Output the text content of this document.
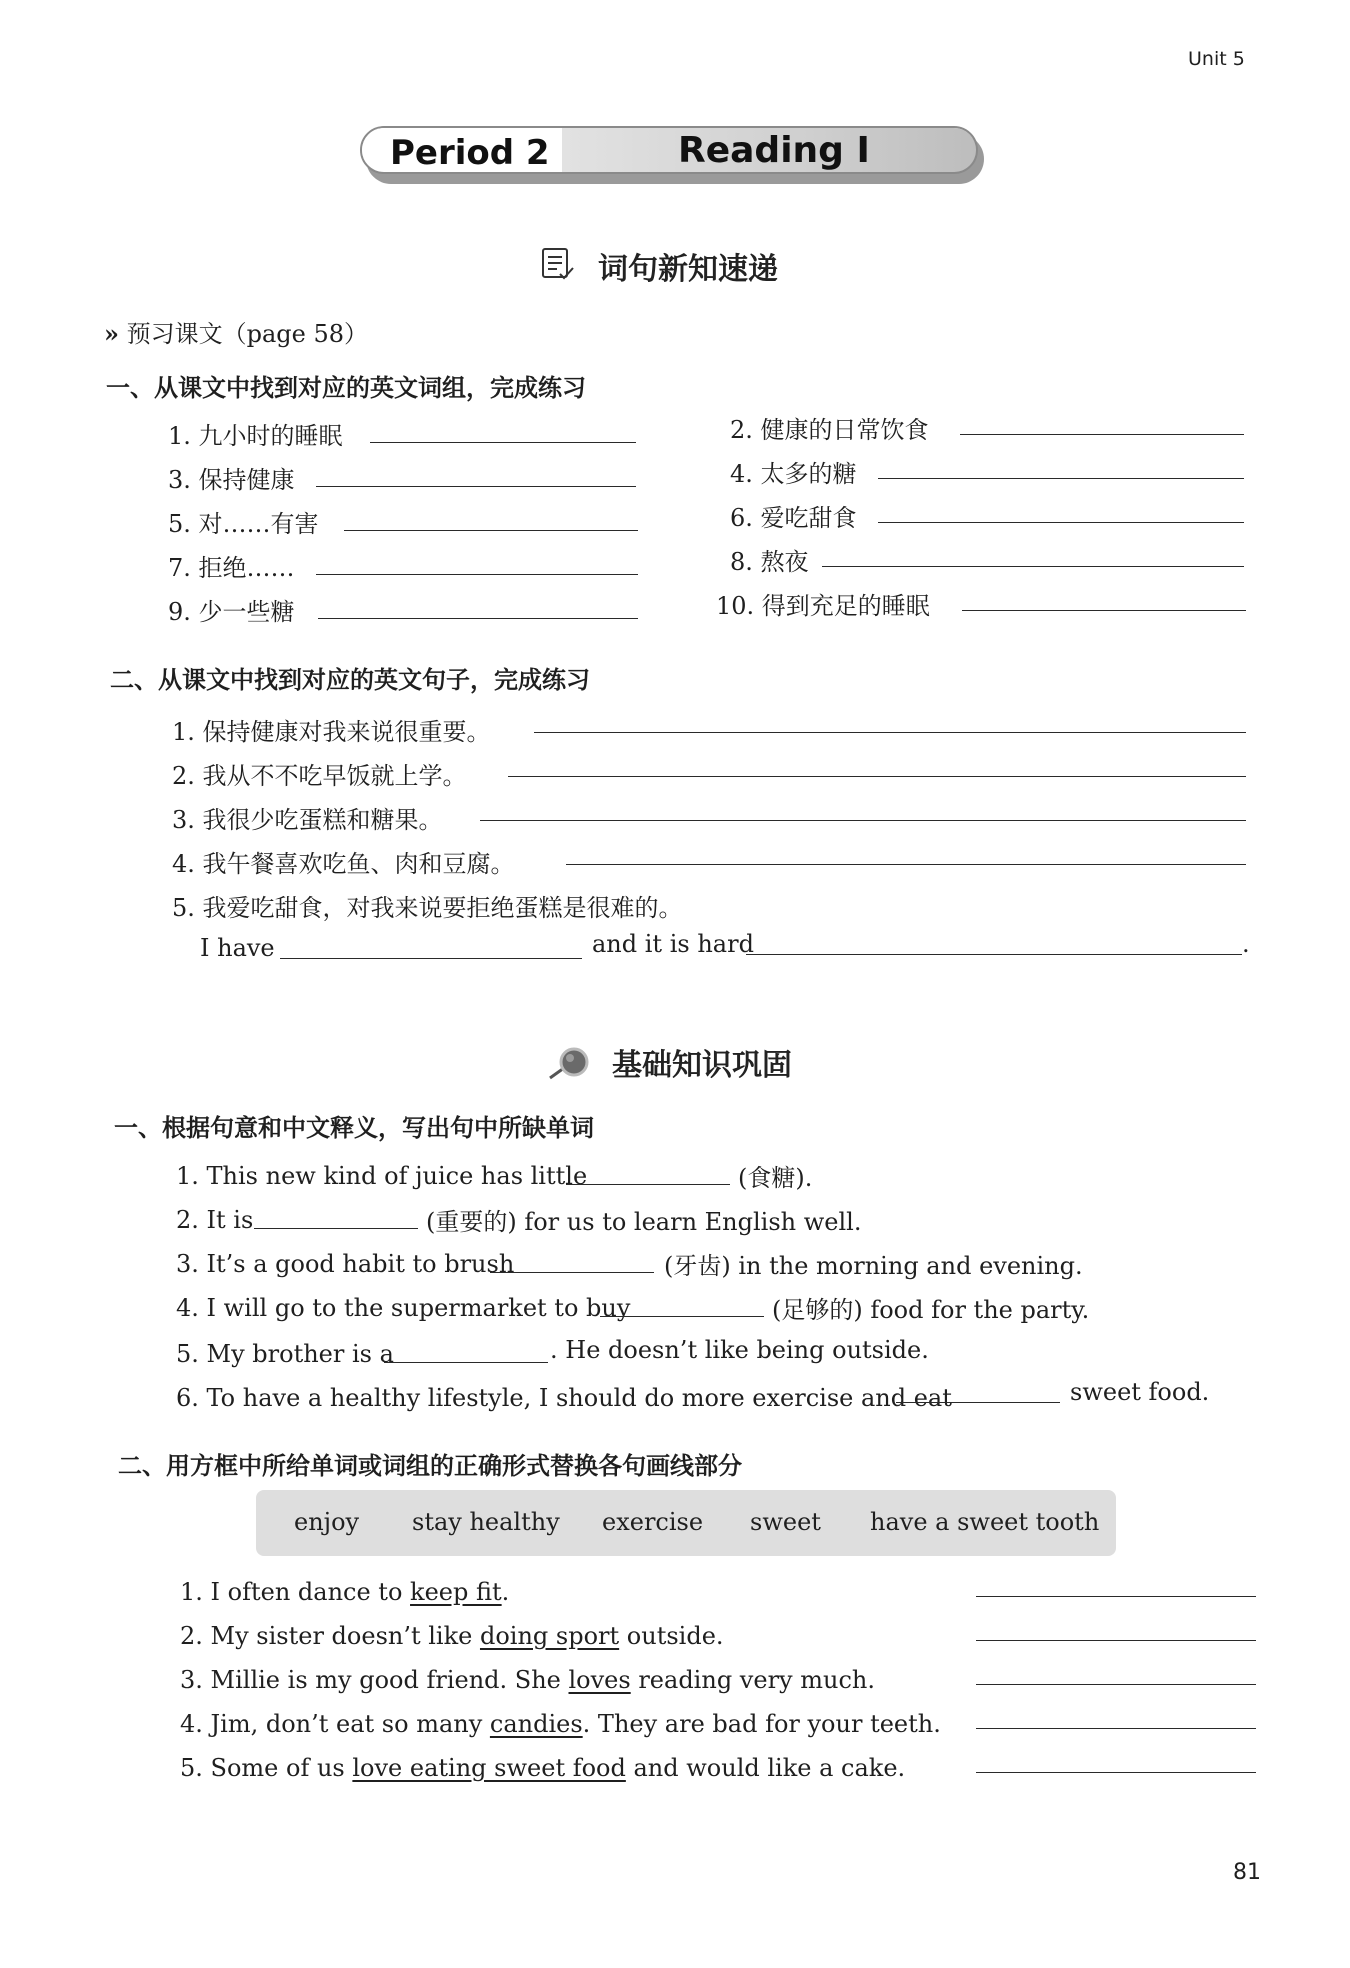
Unit 5
Period 2	Reading I
词句新知速递
» 预习课文（page 58）
一、从课文中找到对应的英文词组，完成练习
1. 九小时的睡眠	2. 健康的日常饮食
3. 保持健康	4. 太多的糖
5. 对……有害	6. 爱吃甜食
7. 拒绝……	8. 熬夜
9. 少一些糖	10. 得到充足的睡眠
二、从课文中找到对应的英文句子，完成练习
1. 保持健康对我来说很重要。
2. 我从不不吃早饭就上学。
3. 我很少吃蛋糕和糖果。
4. 我午餐喜欢吃鱼、肉和豆腐。
5. 我爱吃甜食，对我来说要拒绝蛋糕是很难的。
I have	and it is hard	.
基础知识巩固
一、根据句意和中文释义，写出句中所缺单词
1. This new kind of juice has little	(食糖).
2. It is	(重要的) for us to learn English well.
3. It’s a good habit to brush	(牙齿) in the morning and evening.
4. I will go to the supermarket to buy	(足够的) food for the party.
5. My brother is a	. He doesn’t like being outside.
6. To have a healthy lifestyle, I should do more exercise and eat	sweet food.
二、用方框中所给单词或词组的正确形式替换各句画线部分
enjoy stay healthy exercise sweet have a sweet tooth
1. I often dance to keep fit.
2. My sister doesn’t like doing sport outside.
3. Millie is my good friend. She loves reading very much.
4. Jim, don’t eat so many candies. They are bad for your teeth.
5. Some of us love eating sweet food and would like a cake.
81
